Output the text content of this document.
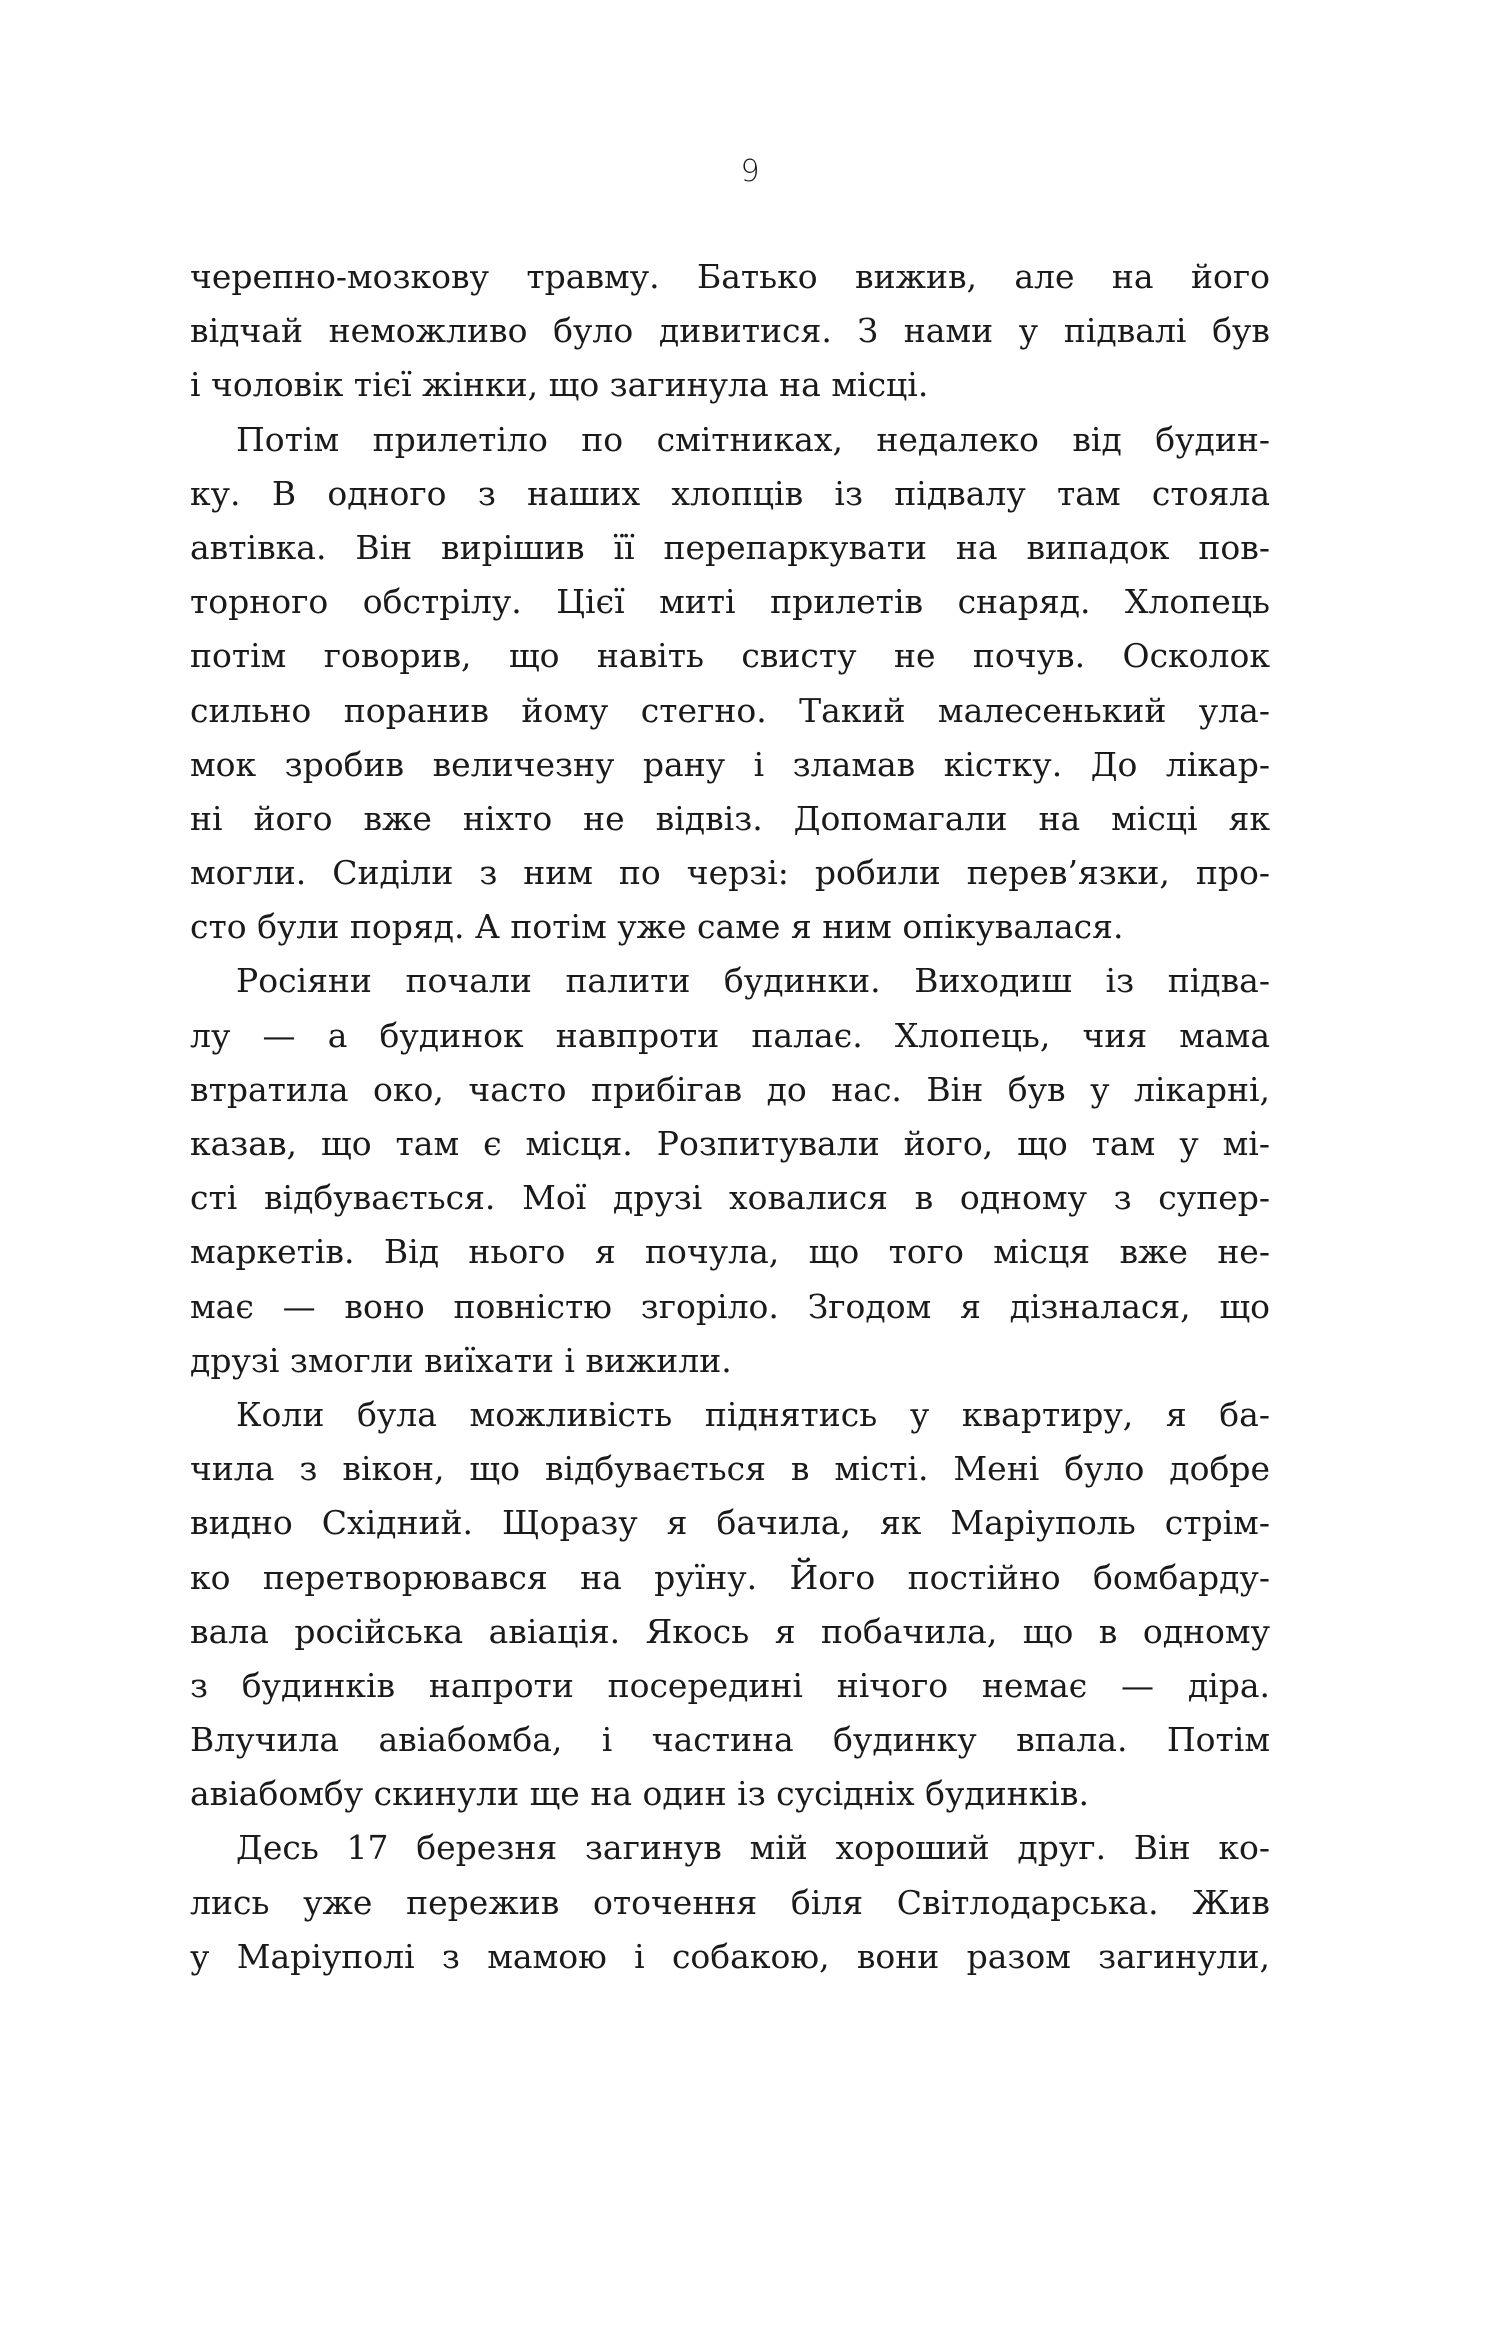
9
черепно-мозкову травму. Батько вижив, але на його
відчай неможливо було дивитися. З нами у підвалі був
і чоловік тієї жінки, що загинула на місці.
Потім прилетіло по смітниках, недалеко від будин-
ку. В одного з наших хлопців із підвалу там стояла
автівка. Він вирішив її перепаркувати на випадок пов-
торного обстрілу. Цієї миті прилетів снаряд. Хлопець
потім говорив, що навіть свисту не почув. Осколок
сильно поранив йому стегно. Такий малесенький ула-
мок зробив величезну рану і зламав кістку. До лікар-
ні його вже ніхто не відвіз. Допомагали на місці як
могли. Сиділи з ним по черзі: робили перев’язки, про-
сто були поряд. А потім уже саме я ним опікувалася.
Росіяни почали палити будинки. Виходиш із підва-
лу — а будинок навпроти палає. Хлопець, чия мама
втратила око, часто прибігав до нас. Він був у лікарні,
казав, що там є місця. Розпитували його, що там у мі-
сті відбувається. Мої друзі ховалися в одному з супер-
маркетів. Від нього я почула, що того місця вже не-
має — воно повністю згоріло. Згодом я дізналася, що
друзі змогли виїхати і вижили.
Коли була можливість піднятись у квартиру, я ба-
чила з вікон, що відбувається в місті. Мені було добре
видно Східний. Щоразу я бачила, як Маріуполь стрім-
ко перетворювався на руїну. Його постійно бомбарду-
вала російська авіація. Якось я побачила, що в одному
з будинків напроти посередині нічого немає — діра.
Влучила авіабомба, і частина будинку впала. Потім
авіабомбу скинули ще на один із сусідніх будинків.
Десь 17 березня загинув мій хороший друг. Він ко-
лись уже пережив оточення біля Світлодарська. Жив
у Маріуполі з мамою і собакою, вони разом загинули,
